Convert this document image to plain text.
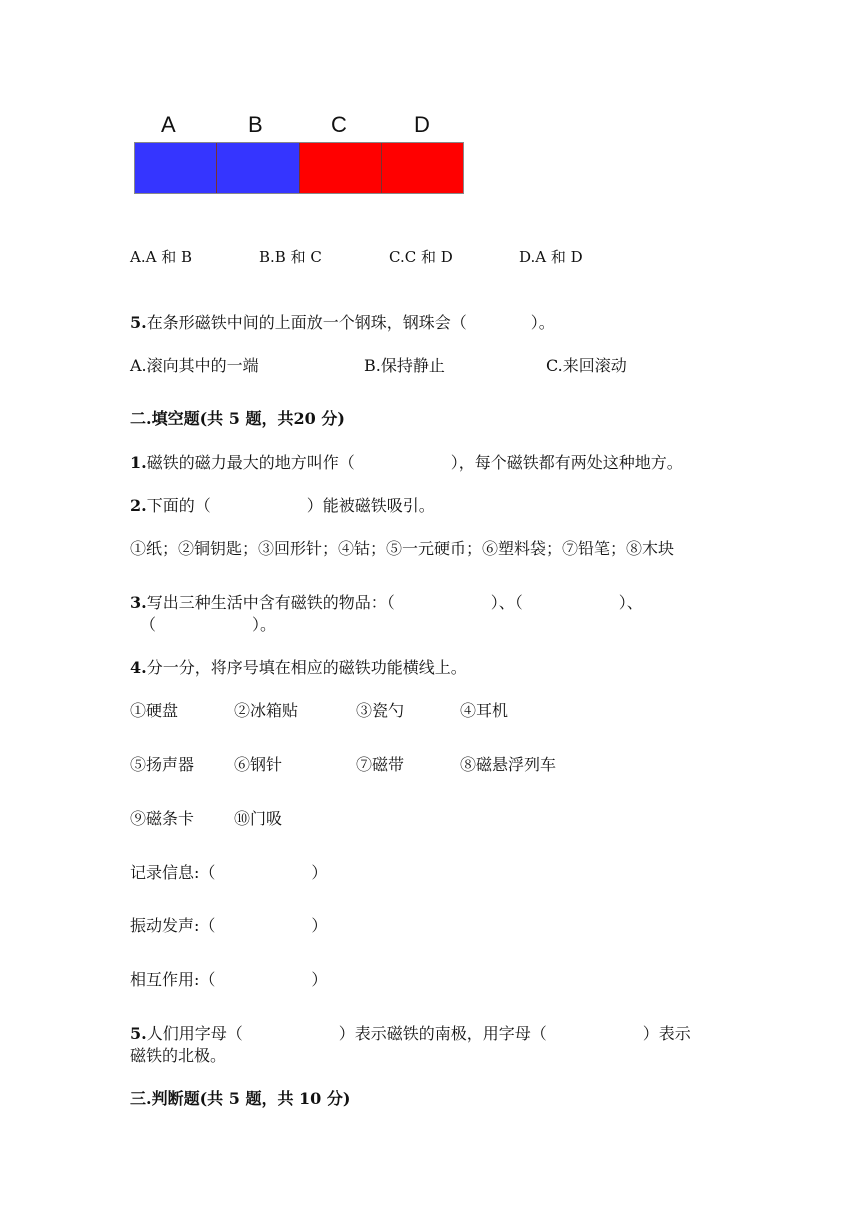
A	B	C	D
A.A 和 B	B.B 和 C	C.C 和 D	D.A 和 D
5.在条形磁铁中间的上面放一个钢珠，钢珠会（　　　　）。
A.滚向其中的一端	B.保持静止	C.来回滚动
二.填空题(共 5 题，共20 分)
1.磁铁的磁力最大的地方叫作（　　　　　　），每个磁铁都有两处这种地方。
2.下面的（　　　　　　）能被磁铁吸引。
①纸；②铜钥匙；③回形针；④钴；⑤一元硬币；⑥塑料袋；⑦铅笔；⑧木块
3.写出三种生活中含有磁铁的物品：（　　　　　　）、（　　　　　　）、
（　　　　　　）。
4.分一分，将序号填在相应的磁铁功能横线上。
①硬盘	②冰箱贴	③瓷勺	④耳机
⑤扬声器 ⑥钢针	⑦磁带	⑧磁悬浮列车
⑨磁条卡 ⑩门吸
记录信息:（　　　　　　）
振动发声:（　　　　　　）
相互作用:（　　　　　　）
5.人们用字母（　　　　　　）表示磁铁的南极，用字母（　　　　　　）表示
磁铁的北极。
三.判断题(共 5 题，共 10 分)
